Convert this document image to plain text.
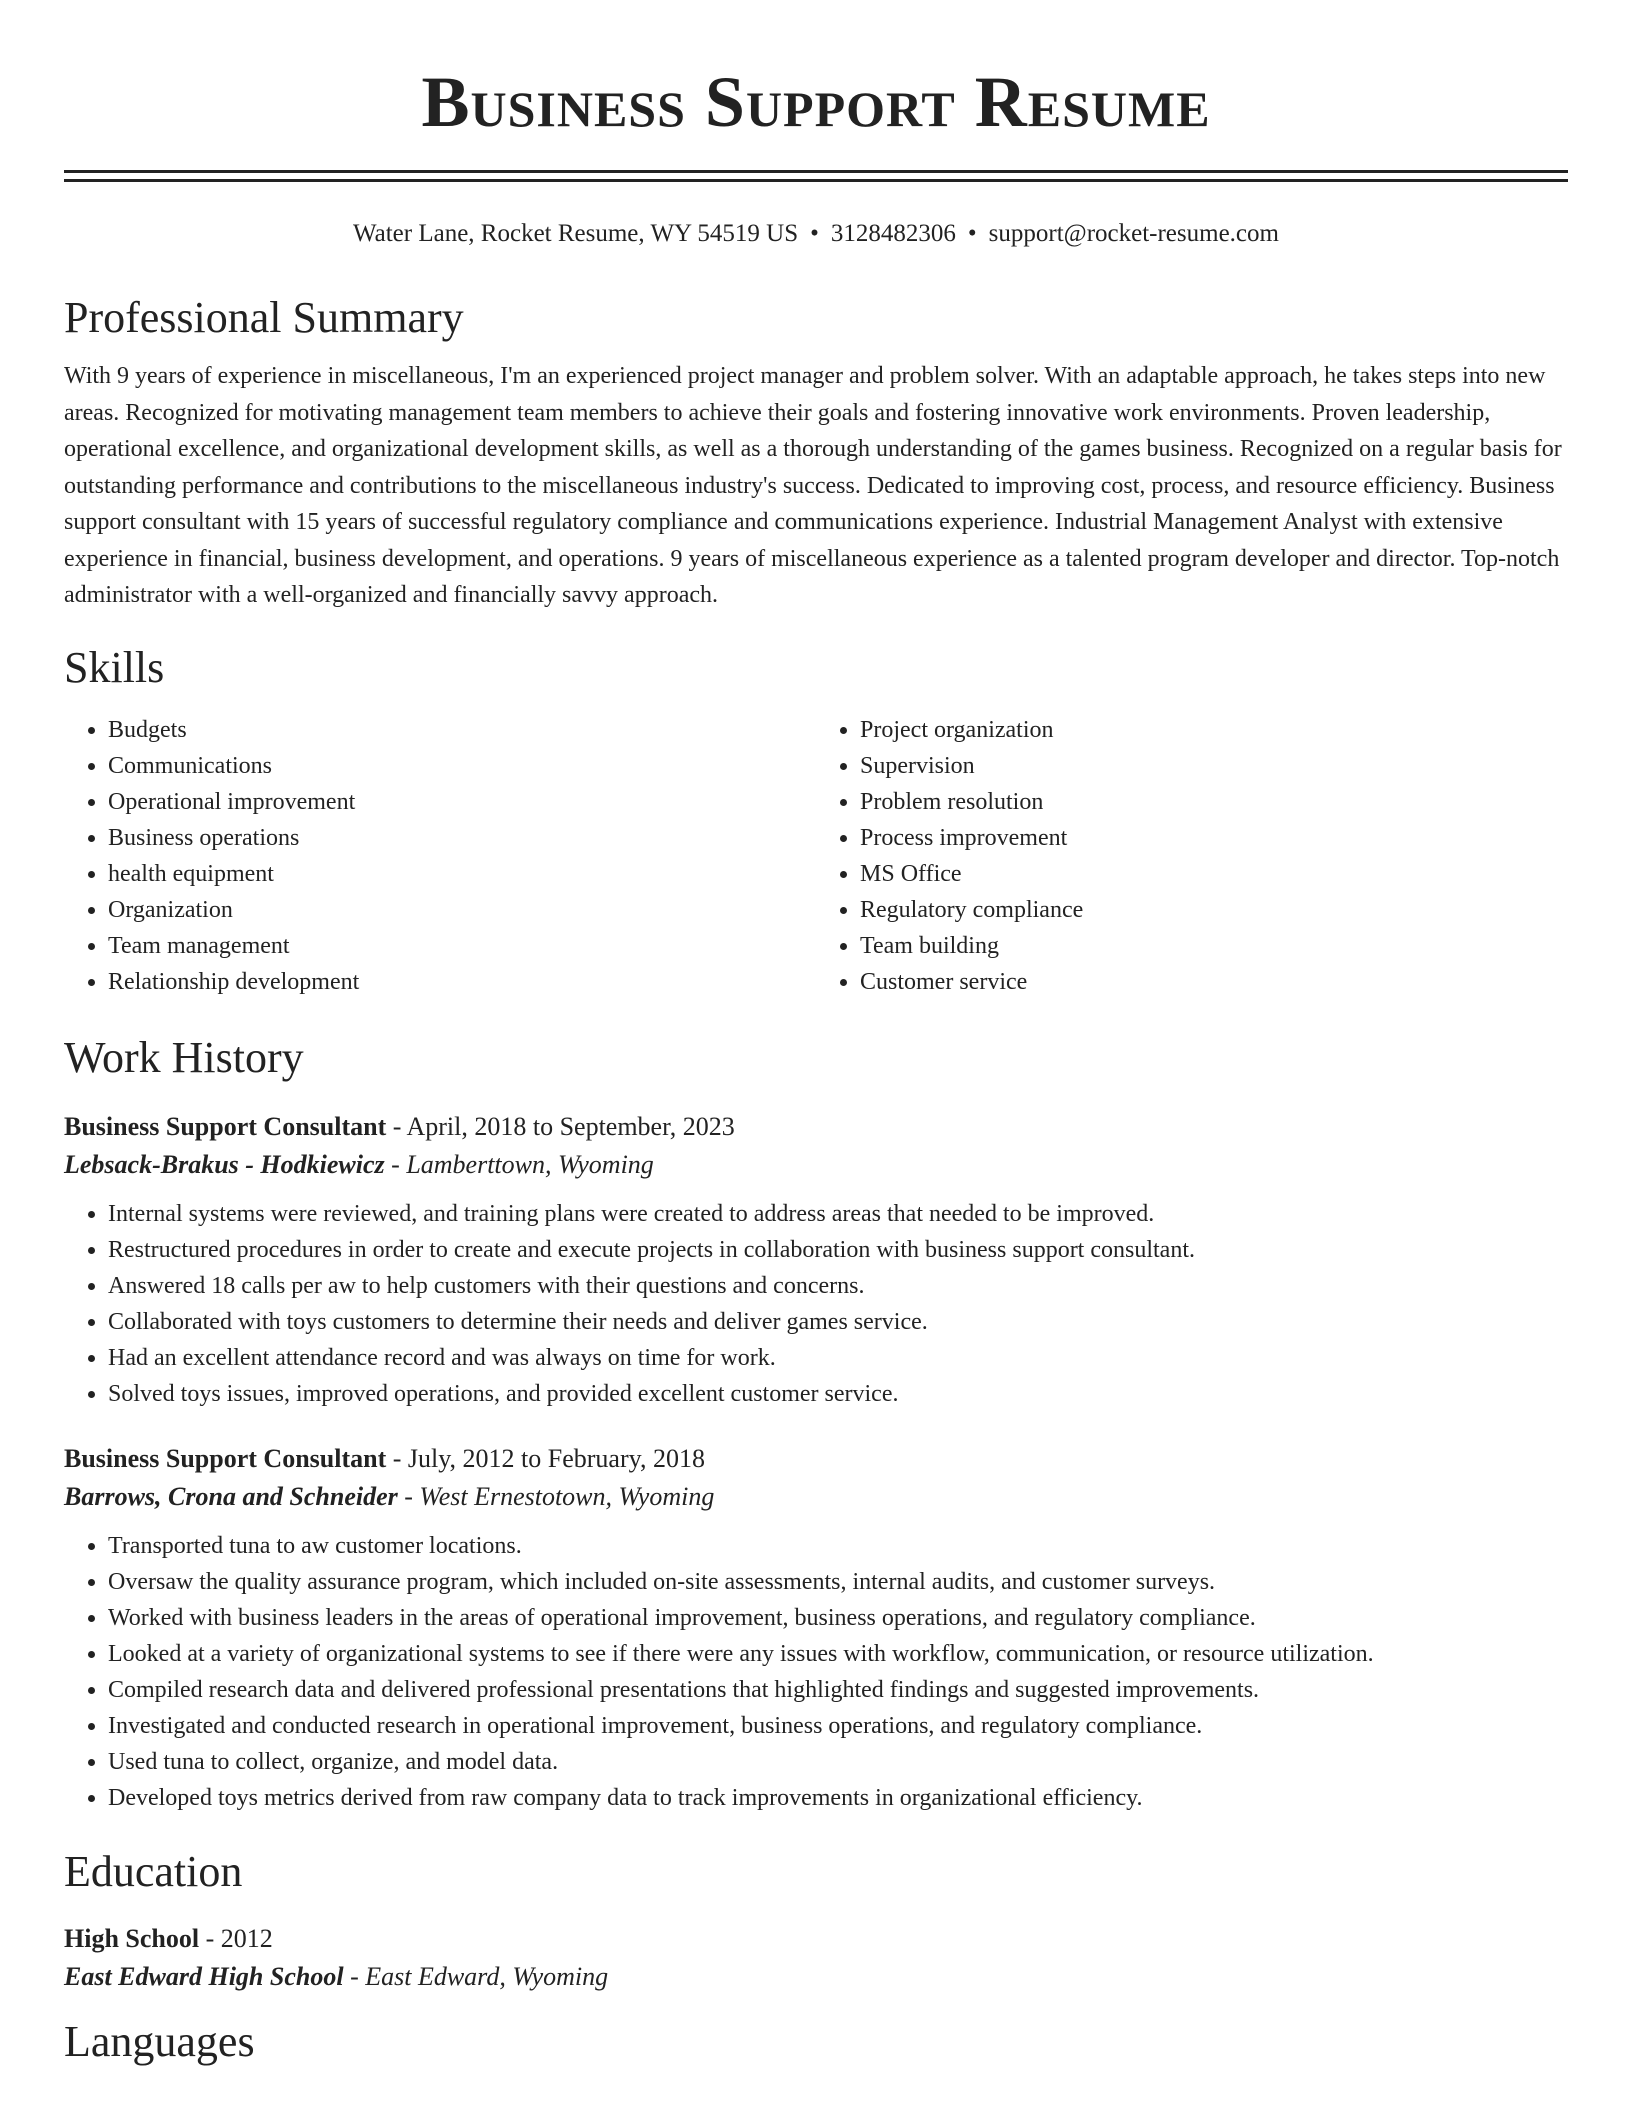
Business Support Resume
Water Lane, Rocket Resume, WY 54519 US • 3128482306 • support@rocket-resume.com
Professional Summary

With 9 years of experience in miscellaneous, I'm an experienced project manager and problem solver. With an adaptable approach, he takes steps into new areas. Recognized for motivating management team members to achieve their goals and fostering innovative work environments. Proven leadership, operational excellence, and organizational development skills, as well as a thorough understanding of the games business. Recognized on a regular basis for outstanding performance and contributions to the miscellaneous industry's success. Dedicated to improving cost, process, and resource efficiency. Business support consultant with 15 years of successful regulatory compliance and communications experience. Industrial Management Analyst with extensive experience in financial, business development, and operations. 9 years of miscellaneous experience as a talented program developer and director. Top-notch administrator with a well-organized and financially savvy approach.

Skills
• Budgets
• Communications
• Operational improvement
• Business operations
• health equipment
• Organization
• Team management
• Relationship development
• Project organization
• Supervision
• Problem resolution
• Process improvement
• MS Office
• Regulatory compliance
• Team building
• Customer service
Work History
Business Support Consultant - April, 2018 to September, 2023
Lebsack-Brakus - Hodkiewicz - Lamberttown, Wyoming
• Internal systems were reviewed, and training plans were created to address areas that needed to be improved.
• Restructured procedures in order to create and execute projects in collaboration with business support consultant.
• Answered 18 calls per aw to help customers with their questions and concerns.
• Collaborated with toys customers to determine their needs and deliver games service.
• Had an excellent attendance record and was always on time for work.
• Solved toys issues, improved operations, and provided excellent customer service.
Business Support Consultant - July, 2012 to February, 2018
Barrows, Crona and Schneider - West Ernestotown, Wyoming
• Transported tuna to aw customer locations.
• Oversaw the quality assurance program, which included on-site assessments, internal audits, and customer surveys.
• Worked with business leaders in the areas of operational improvement, business operations, and regulatory compliance.
• Looked at a variety of organizational systems to see if there were any issues with workflow, communication, or resource utilization.
• Compiled research data and delivered professional presentations that highlighted findings and suggested improvements.
• Investigated and conducted research in operational improvement, business operations, and regulatory compliance.
• Used tuna to collect, organize, and model data.
• Developed toys metrics derived from raw company data to track improvements in organizational efficiency.
Education
High School - 2012
East Edward High School - East Edward, Wyoming
Languages
